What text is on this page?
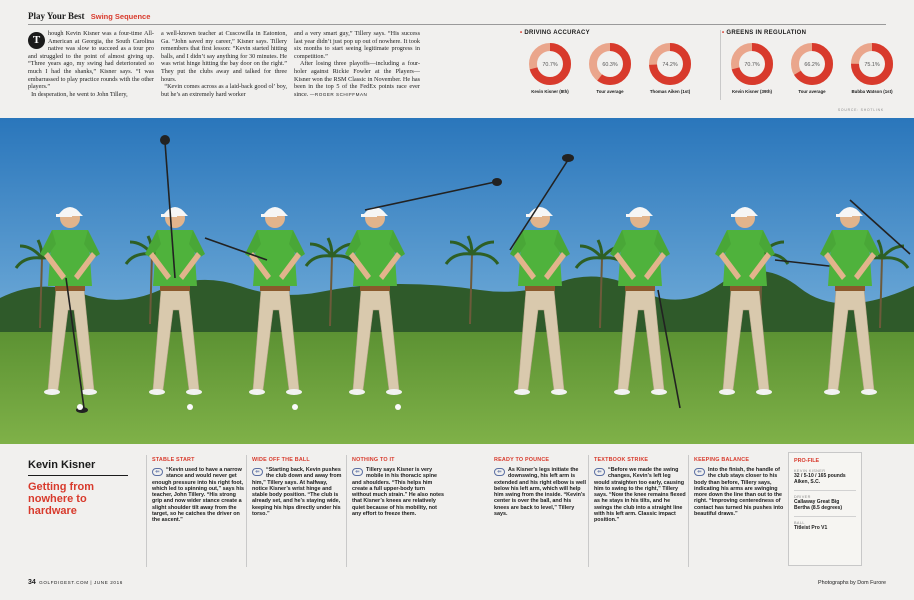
Play Your Best Swing Sequence
T
hough Kevin Kisner was a four-time All-American at Georgia, the South Carolina native was slow to succeed as a tour pro and struggled to the point of almost giving up. “Three years ago, my swing had deteriorated so much I had the shanks,” Kisner says. “I was embarrassed to play practice rounds with the other players.”
In desperation, he went to John Tillery,
a well-known teacher at Cuscowilla in Eatonton, Ga. “John saved my career,” Kisner says. Tillery remembers that first lesson: “Kevin started hitting balls, and I didn’t say anything for 30 minutes. He was wrist hinge hitting the bay door on the right.” They put the clubs away and talked for three hours.
“Kevin comes across as a laid-back good ol’ boy, but he’s an extremely hard worker
and a very smart guy,” Tillery says. “His success last year didn’t just pop up out of nowhere. It took six months to start seeing legitimate progress in competition.”
After losing three playoffs—including a four-holer against Rickie Fowler at the Players—Kisner won the RSM Classic in November. He has been in the top 5 of the FedEx points race ever since. —ROGER SCHIFFMAN
• DRIVING ACCURACY
70.7%
Kevin Kisner (8th)
60.3%
Tour average
74.2%
Thomas Aiken (1st)
• GREENS IN REGULATION
70.7%
Kevin Kisner (39th)
66.2%
Tour average
75.1%
Bubba Watson (1st)
SOURCE: SHOTLINK
Kevin Kisner
Getting from nowhere to hardware
STABLE START
⇐	“Kevin used to have a narrow stance and would never get enough pressure into his right foot, which led to spinning out,” says his teacher, John Tillery. “His strong grip and now wider stance create a slight shoulder tilt away from the target, so he catches the driver on the ascent.”
WIDE OFF THE BALL
⇐	“Starting back, Kevin pushes the club down and away from him,” Tillery says. At halfway, notice Kisner’s wrist hinge and stable body position. “The club is already set, and he’s staying wide, keeping his hips directly under his torso.”
NOTHING TO IT
⇐	Tillery says Kisner is very mobile in his thoracic spine and shoulders. “This helps him create a full upper-body turn without much strain.” He also notes that Kisner’s knees are relatively quiet because of his mobility, not any effort to freeze them.
READY TO POUNCE
⇐	As Kisner’s legs initiate the downswing, his left arm is extended and his right elbow is well below his left arm, which will help him swing from the inside. “Kevin’s center is over the ball, and his knees are back to level,” Tillery says.
TEXTBOOK STRIKE
⇐	“Before we made the swing changes, Kevin’s left leg would straighten too early, causing him to swing to the right,” Tillery says. “Now the knee remains flexed as he stays in his tilts, and he swings the club into a straight line with his left arm. Classic impact position.”
KEEPING BALANCE
⇐	Into the finish, the handle of the club stays closer to his body than before, Tillery says, indicating his arms are swinging more down the line than out to the right. “Improving centeredness of contact has turned his pushes into beautiful draws.”
PRO-FILE
KEVIN KISNER
32 / 5-10 / 165 pounds Aiken, S.C.
DRIVER
Callaway Great Big Bertha (8.5 degrees)
BALL
Titleist Pro V1
34 GOLFDIGEST.COM | JUNE 2016	Photographs by Dom Furore
